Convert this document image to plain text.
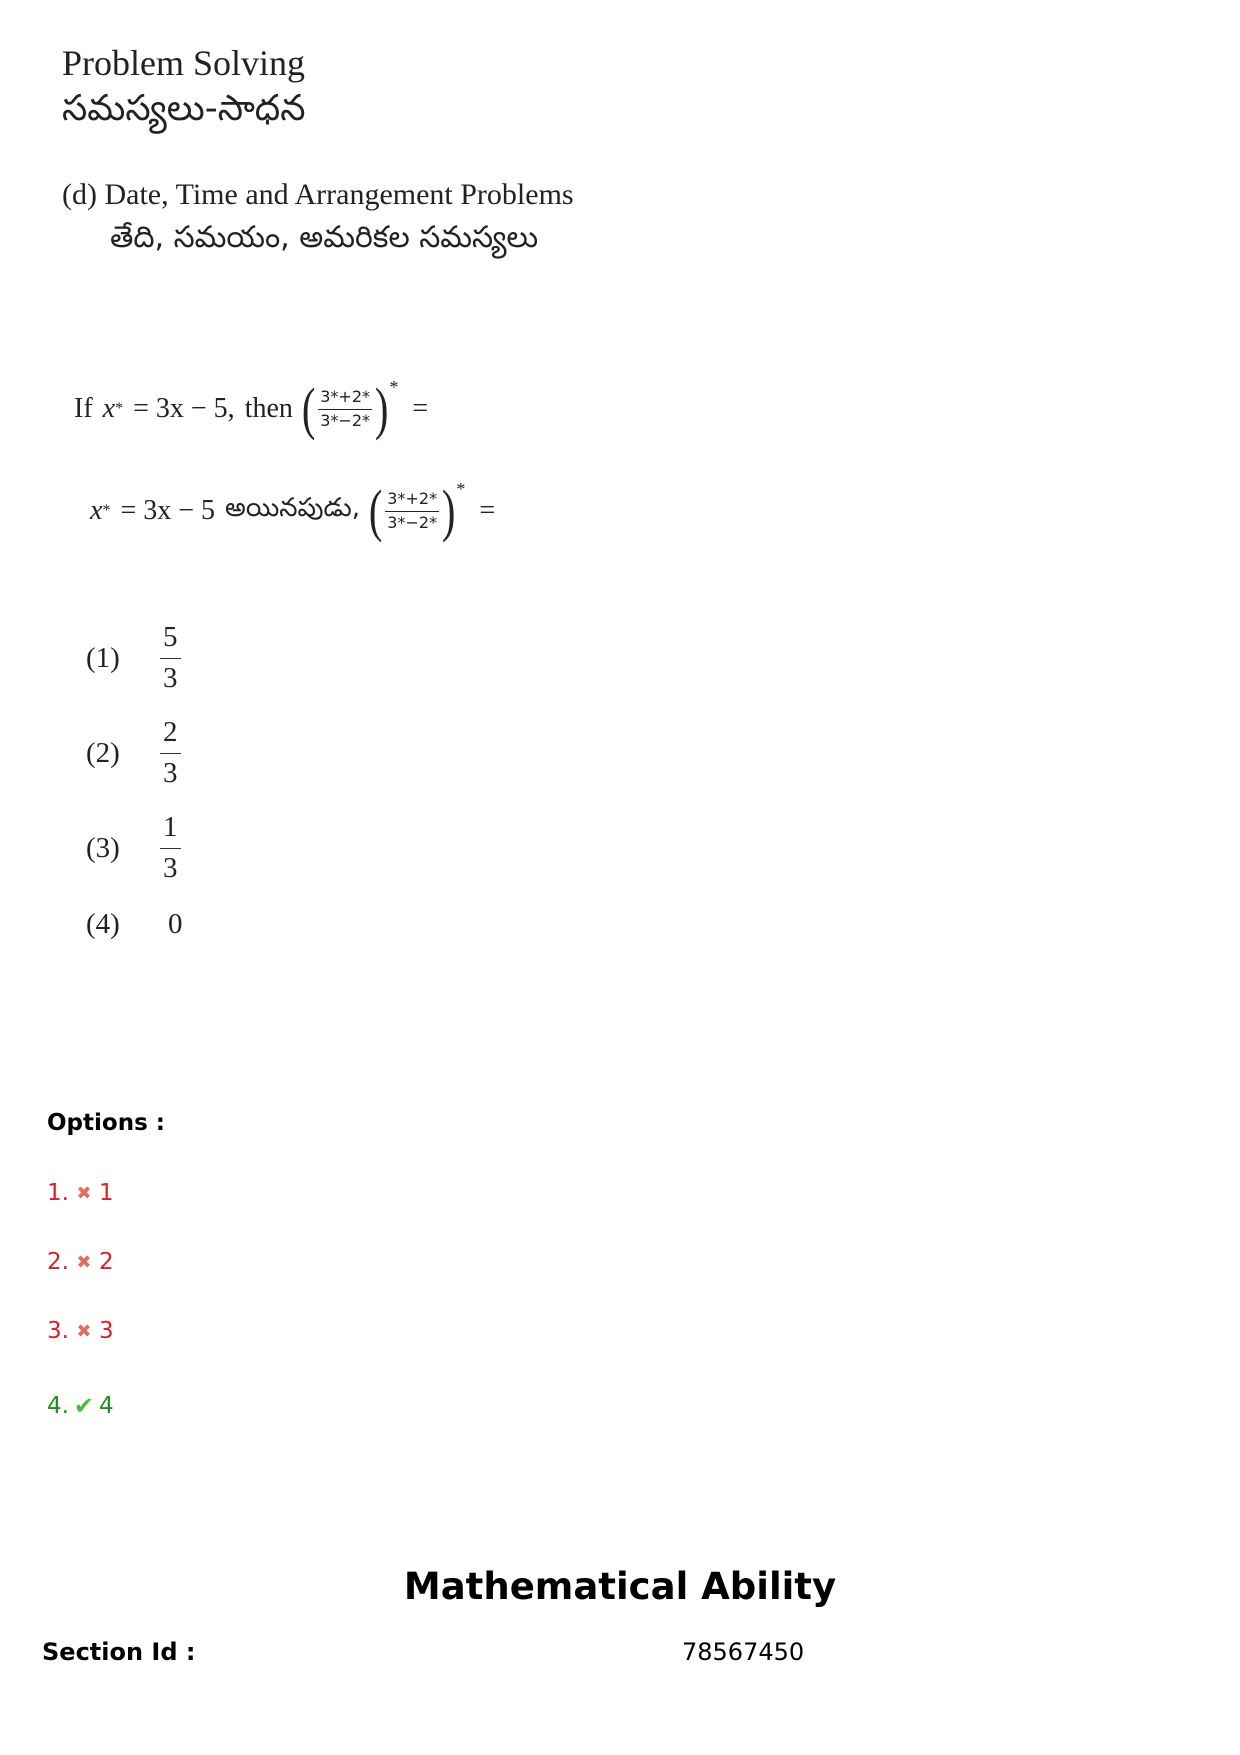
Problem Solving
సమస్యలు-సాధన
(d) Date, Time and Arrangement Problems
తేది, సమయం, అమరికల సమస్యలు
If x * = 3x − 5, then ( $\frac{3*+2*}{3*-2*}$ ) *
=
x * = 3x − 5 అయినపుడు, ( $\frac{3*+2*}{3*-2*}$ ) *
=
(1)	$\frac{5}{3}$
(2)	$\frac{2}{3}$
(3)	$\frac{1}{3}$
(4)	0
Options :
1. ✖ 1
2. ✖ 2
3. ✖ 3
4. ✔ 4
Mathematical Ability
Section Id :	78567450
